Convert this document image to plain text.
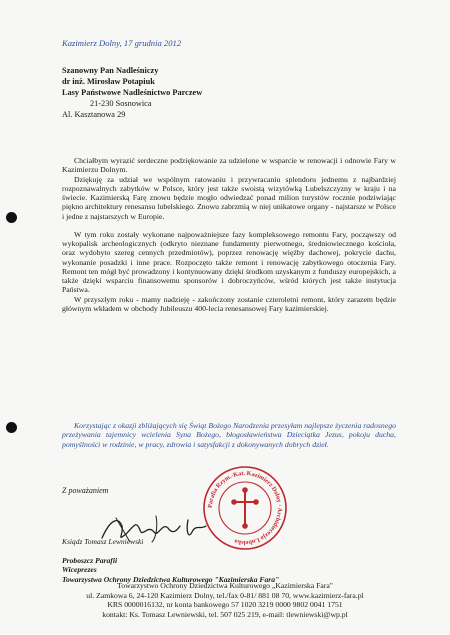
Kazimierz Dolny, 17 grudnia 2012
Szanowny Pan Nadleśniczy
dr inż. Mirosław Potapiuk
Lasy Państwowe Nadleśnictwo Parczew
21-230 Sosnowica
Al. Kasztanowa 29

Chciałbym wyrazić serdeczne podziękowanie za udzielone w wsparcie w renowacji i odnowie Fary w Kazimierzu Dolnym.

Dziękuję za udział we wspólnym ratowaniu i przywracaniu splendoru jednemu z najbardziej rozpoznawalnych zabytków w Polsce, który jest także swoistą wizytówką Lubelszczyzny w kraju i na świecie. Kazimierską Farę znowu będzie mogło odwiedzać ponad milion turystów rocznie podziwiając piękno architektury renesansu lubelskiego. Znowu zabrzmią w niej unikatowe organy - najstarsze w Polsce i jedne z najstarszych w Europie.

W tym roku zostały wykonane najpoważniejsze fazy kompleksowego remontu Fary, począwszy od wykopalisk archeologicznych (odkryto nieznane fundamenty pierwotnego, średniowiecznego kościoła, oraz wydobyto szereg cennych przedmiotów), poprzez renowację więźby dachowej, pokrycie dachu, wykonanie posadzki i inne prace. Rozpoczęto także remont i renowację zabytkowego otoczenia Fary. Remont ten mógł być prowadzony i kontynuowany dzięki środkom uzyskanym z funduszy europejskich, a także dzięki wsparciu finansowemu sponsorów i dobroczyńców, wśród których jest także instytucja Państwa.

W przyszłym roku - mamy nadzieję - zakończony zostanie czteroletni remont, który zarazem będzie głównym wkładem w obchody Jubileuszu 400-lecia renesansowej Fary kazimierskiej.

Korzystając z okazji zbliżających się Świąt Bożego Narodzenia przesyłam najlepsze życzenia radosnego przeżywania tajemnicy wcielenia Syna Bożego, błogosławieństwa Dzieciątka Jezus, pokoju ducha, pomyślności w rodzinie, w pracy, zdrowia i satysfakcji z dokonywanych dobrych dzieł.
Z poważaniem
Parafia Rzym.-Kat. Kazimierz Dolny · Archidiecezja Lubelska
Ksiądz Tomasz Lewniewski
Proboszcz Parafii
Wiceprezes
Towarzystwa Ochrony Dziedzictwa Kulturowego "Kazimierska Fara"
Towarzystwo Ochrony Dziedzictwa Kulturowego „Kazimierska Fara"
ul. Zamkowa 6, 24-120 Kazimierz Dolny, tel./fax 0-81/ 881 08 70, www.kazimierz-fara.pl
KRS 0000016132, nr konta bankowego 57 1020 3219 0000 9802 0041 1751
kontakt: Ks. Tomasz Lewniewski, tel. 507 025 219, e-mail: tlewniewski@wp.pl
